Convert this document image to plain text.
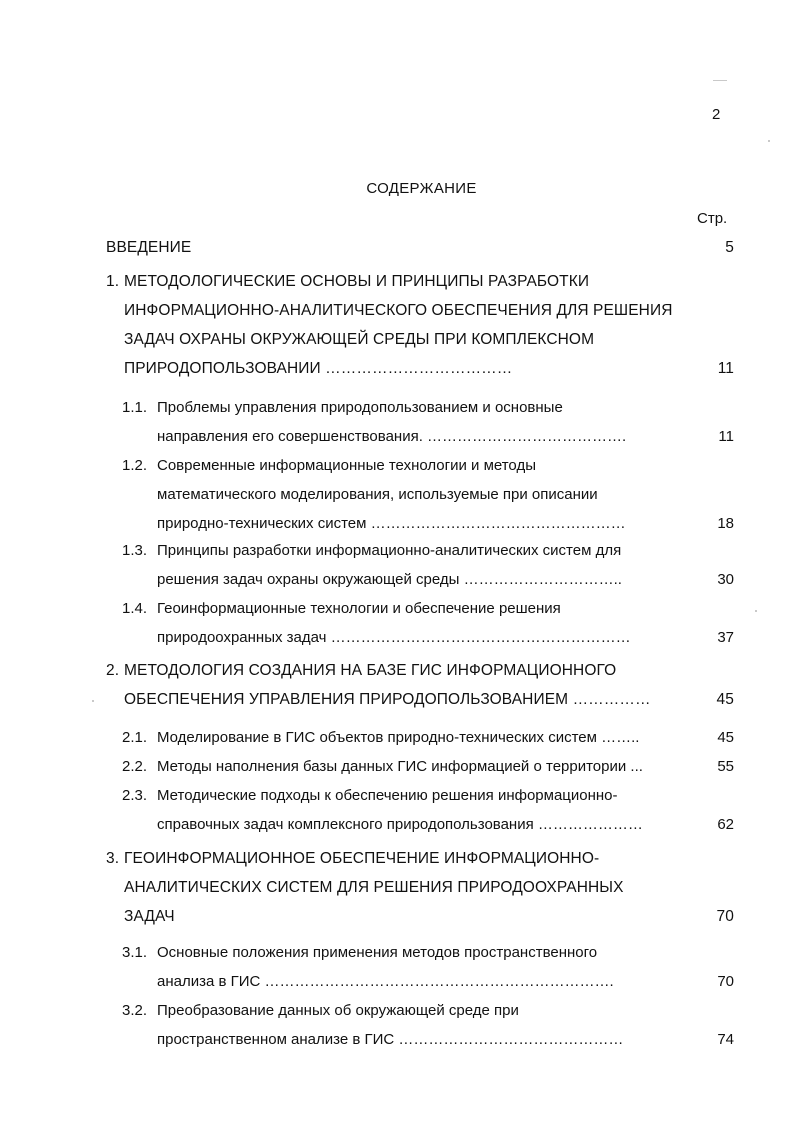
2
СОДЕРЖАНИЕ
Стр.
ВВЕДЕНИЕ	5
1. МЕТОДОЛОГИЧЕСКИЕ ОСНОВЫ И ПРИНЦИПЫ РАЗРАБОТКИ
ИНФОРМАЦИОННО-АНАЛИТИЧЕСКОГО ОБЕСПЕЧЕНИЯ ДЛЯ РЕШЕНИЯ
ЗАДАЧ ОХРАНЫ ОКРУЖАЮЩЕЙ СРЕДЫ ПРИ КОМПЛЕКСНОМ
ПРИРОДОПОЛЬЗОВАНИИ ………………………………	11
1.1. Проблемы управления природопользованием и основные
направления его совершенствования. ………………………………….	11
1.2. Современные информационные технологии и методы
математического моделирования, используемые при описании
природно-технических систем ……………………………………………	18
1.3. Принципы разработки информационно-аналитических систем для
решения задач охраны окружающей среды …………………………..	30
1.4. Геоинформационные технологии и обеспечение решения
природоохранных задач ……………………………………………………	37
2. МЕТОДОЛОГИЯ СОЗДАНИЯ НА БАЗЕ ГИС ИНФОРМАЦИОННОГО
ОБЕСПЕЧЕНИЯ УПРАВЛЕНИЯ ПРИРОДОПОЛЬЗОВАНИЕМ ……………	45
2.1. Моделирование в ГИС объектов природно-технических систем ……..	45
2.2. Методы наполнения базы данных ГИС информацией о территории ...	55
2.3. Методические подходы к обеспечению решения информационно-
справочных задач комплексного природопользования …………………	62
3. ГЕОИНФОРМАЦИОННОЕ ОБЕСПЕЧЕНИЕ ИНФОРМАЦИОННО-
АНАЛИТИЧЕСКИХ СИСТЕМ ДЛЯ РЕШЕНИЯ ПРИРОДООХРАННЫХ
ЗАДАЧ	70
3.1. Основные положения применения методов пространственного
анализа в ГИС …………………………………………………………….	70
3.2. Преобразование данных об окружающей среде при
пространственном анализе в ГИС ………………………………………	74
